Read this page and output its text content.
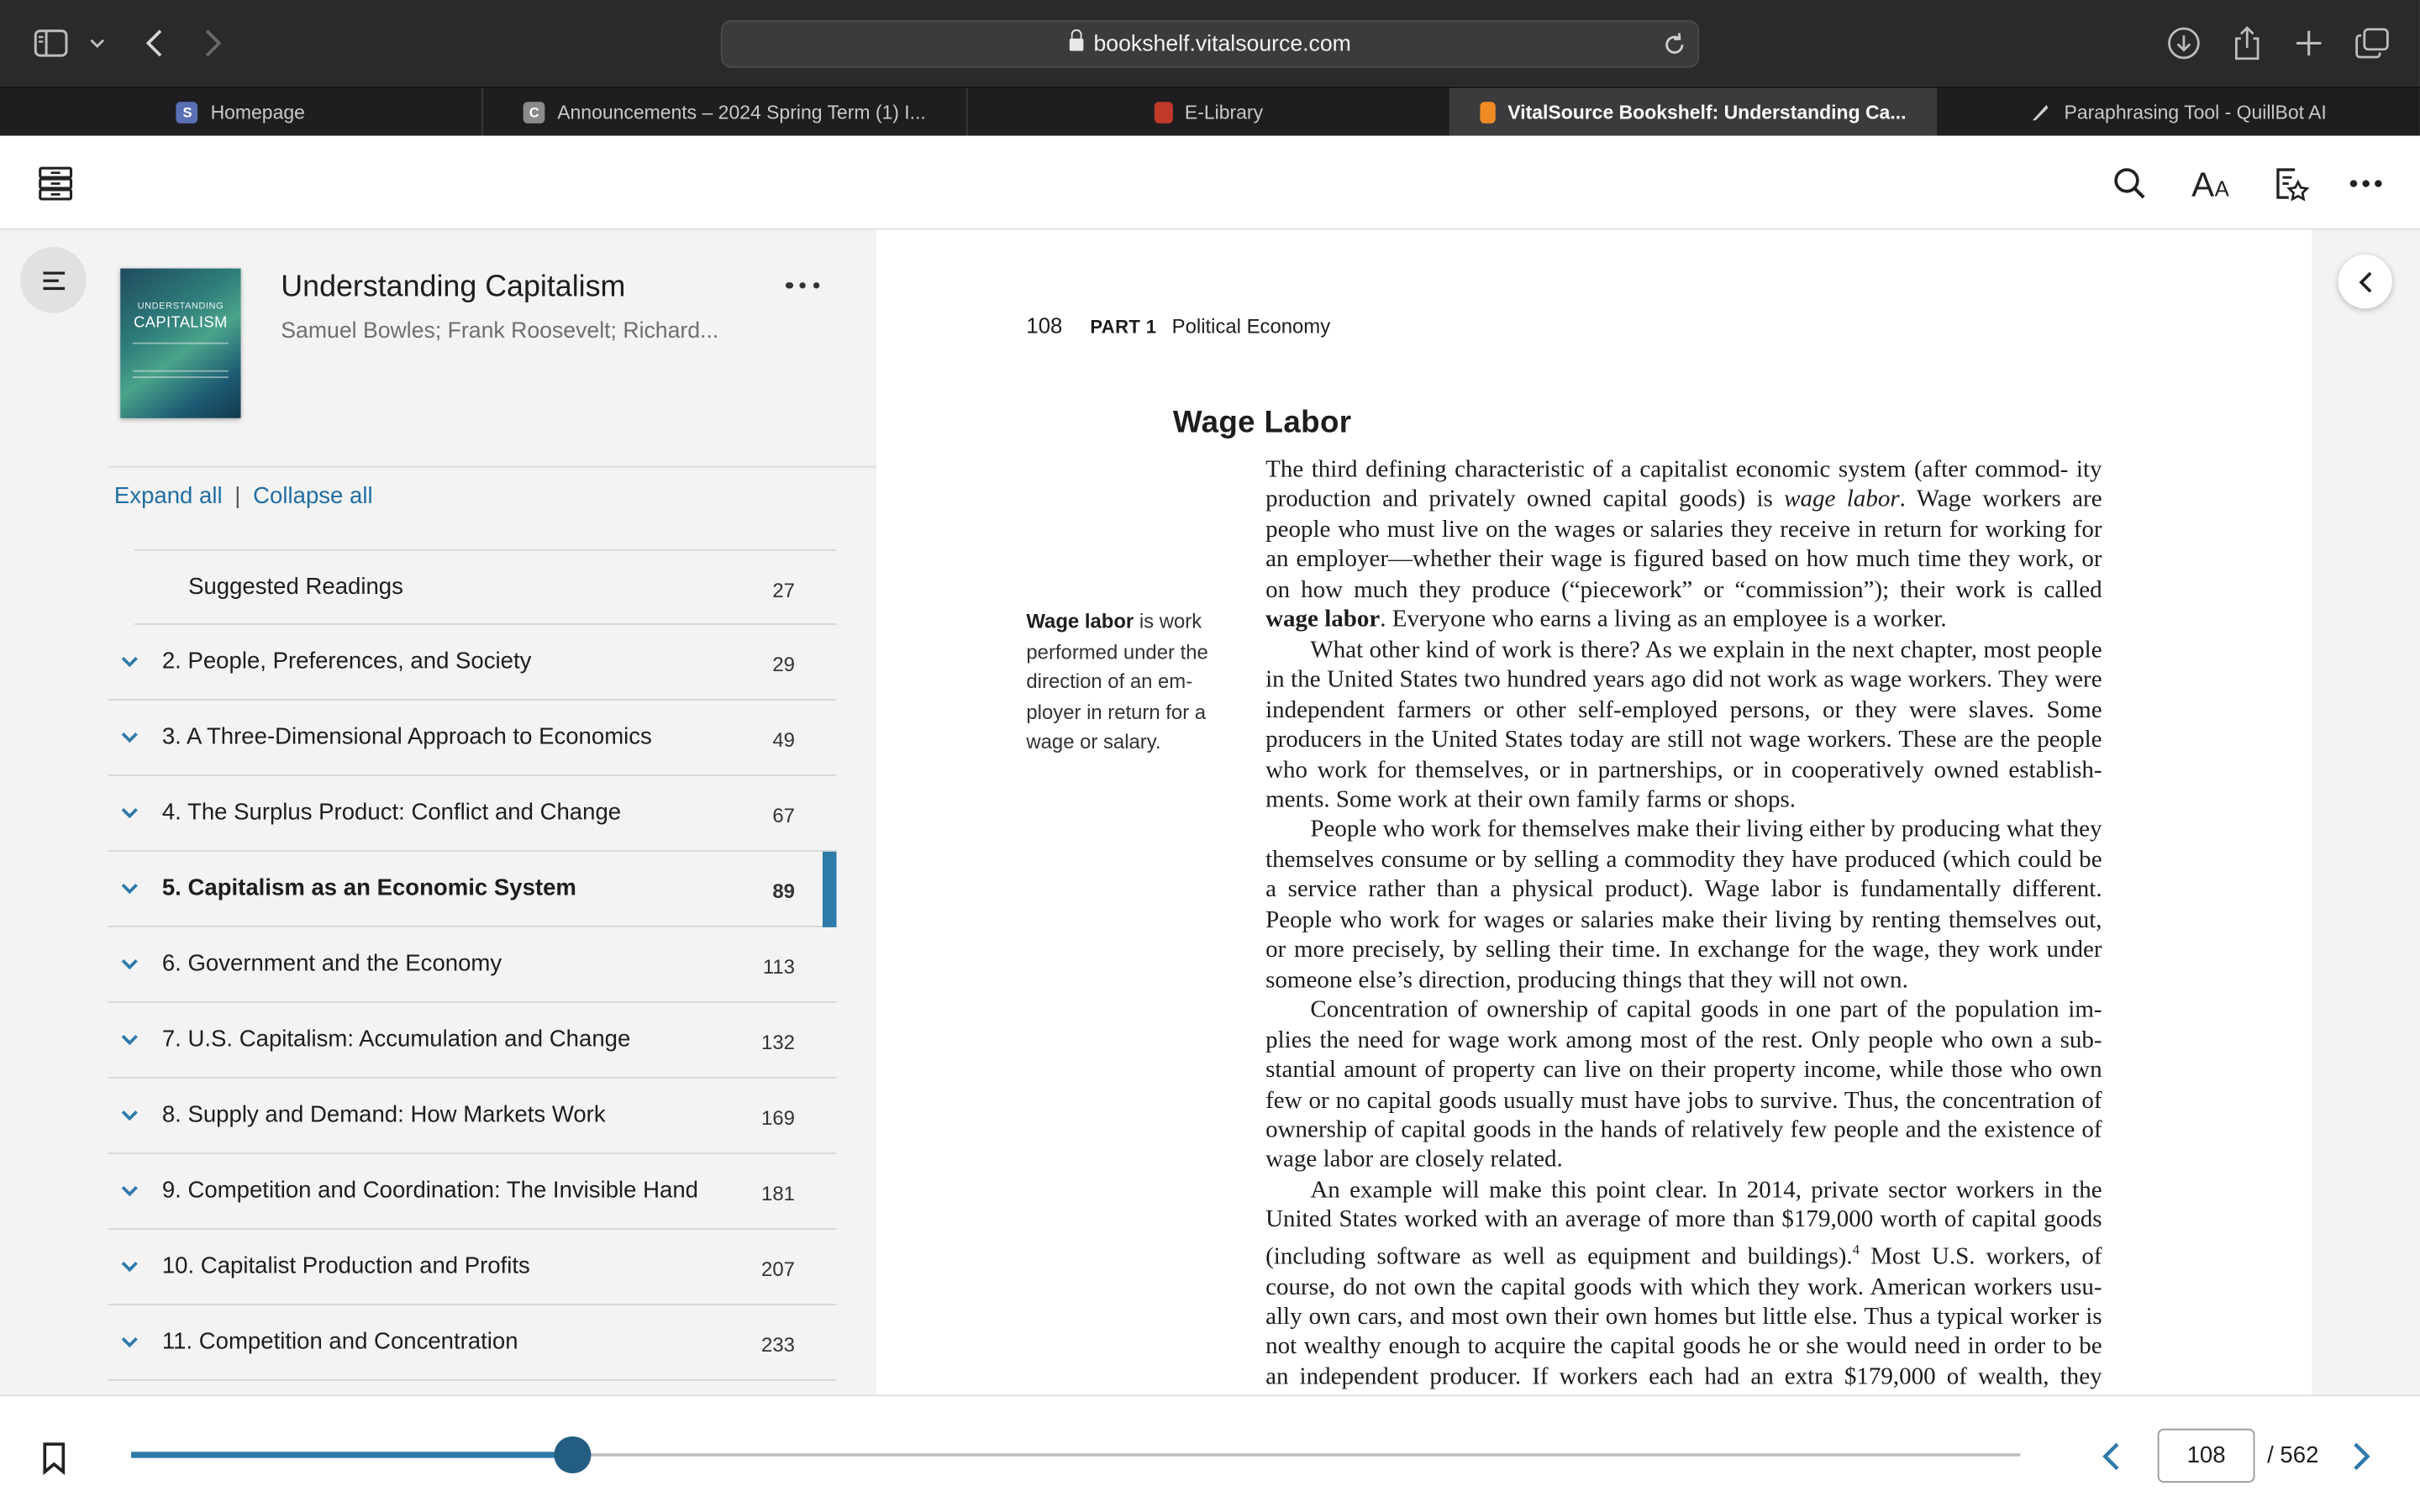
bookshelf.vitalsource.com
S	Homepage	C	Announcements – 2024 Spring Term (1) I...	E-Library	VitalSource Bookshelf: Understanding Ca...	Paraphrasing Tool - QuillBot AI
A A
UNDERSTANDING
CAPITALISM
Understanding Capitalism
Samuel Bowles; Frank Roosevelt; Richard...
Expand all | Collapse all
Suggested Readings	27
2. People, Preferences, and Society	29
3. A Three-Dimensional Approach to Economics	49
4. The Surplus Product: Conflict and Change	67
5. Capitalism as an Economic System	89
6. Government and the Economy	113
7. U.S. Capitalism: Accumulation and Change	132
8. Supply and Demand: How Markets Work	169
9. Competition and Coordination: The Invisible Hand	181
10. Capitalist Production and Profits	207
11. Competition and Concentration	233
108	PART 1 Political Economy
Wage Labor
Wage labor is work performed under the direction of an em- ployer in return for a wage or salary.

The third defining characteristic of a capitalist economic system (after commod- ity production and privately owned capital goods) is wage labor. Wage workers are people who must live on the wages or salaries they receive in return for working for an employer—whether their wage is figured based on how much time they work, or on how much they produce (“piecework” or “commission”); their work is called wage labor. Everyone who earns a living as an employee is a worker.

What other kind of work is there? As we explain in the next chapter, most people in the United States two hundred years ago did not work as wage workers. They were independent farmers or other self-employed persons, or they were slaves. Some producers in the United States today are still not wage workers. These are the people who work for themselves, or in partnerships, or in cooperatively owned establish- ments. Some work at their own family farms or shops.

People who work for themselves make their living either by producing what they themselves consume or by selling a commodity they have produced (which could be a service rather than a physical product). Wage labor is fundamentally different. People who work for wages or salaries make their living by renting themselves out, or more precisely, by selling their time. In exchange for the wage, they work under someone else’s direction, producing things that they will not own.

Concentration of ownership of capital goods in one part of the population im- plies the need for wage work among most of the rest. Only people who own a sub- stantial amount of property can live on their property income, while those who own few or no capital goods usually must have jobs to survive. Thus, the concentration of ownership of capital goods in the hands of relatively few people and the existence of wage labor are closely related.

An example will make this point clear. In 2014, private sector workers in the United States worked with an average of more than $179,000 worth of capital goods (including software as well as equipment and buildings).$^4$ Most U.S. workers, of course, do not own the capital goods with which they work. American workers usu- ally own cars, and most own their own homes but little else. Thus a typical worker is not wealthy enough to acquire the capital goods he or she would need in order to be an independent producer. If workers each had an extra $179,000 of wealth, they

108	/ 562
